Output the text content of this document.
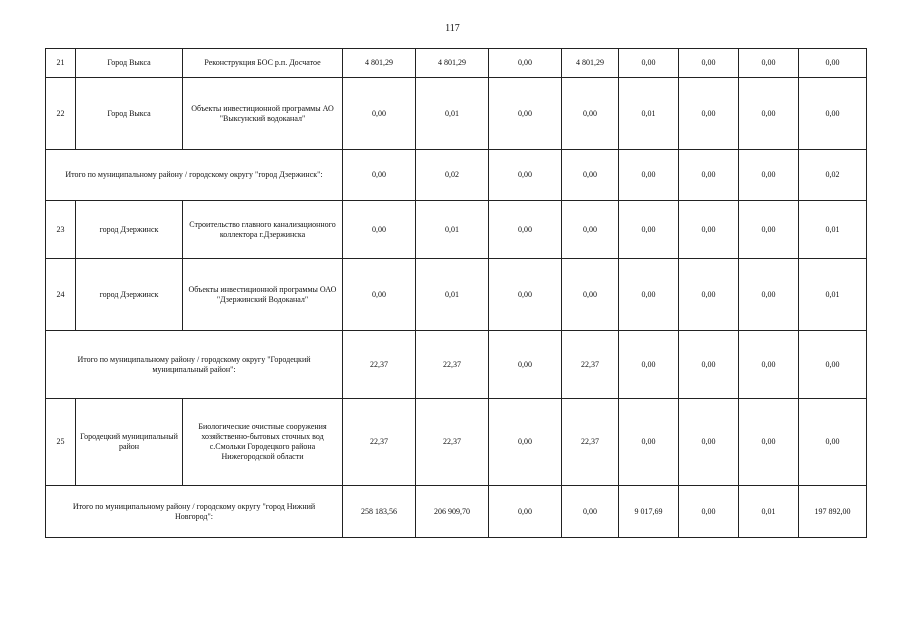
117
21	Город Выкса	Реконструкция БОС р.п. Досчатое	4 801,29	4 801,29	0,00	4 801,29	0,00	0,00	0,00	0,00
22	Город Выкса	Объекты инвестиционной программы АО "Выксунский водоканал"	0,00	0,01	0,00	0,00	0,01	0,00	0,00	0,00
Итого по муниципальному району / городскому округу "город Дзержинск":			0,00	0,02	0,00	0,00	0,00	0,00	0,00	0,02
23	город Дзержинск	Строительство главного канализационного коллектора г.Дзержинска	0,00	0,01	0,00	0,00	0,00	0,00	0,00	0,01
24	город Дзержинск	Объекты инвестиционной программы ОАО "Дзержинский Водоканал"	0,00	0,01	0,00	0,00	0,00	0,00	0,00	0,01
Итого по муниципальному району / городскому округу "Городецкий муниципальный район":			22,37	22,37	0,00	22,37	0,00	0,00	0,00	0,00
25	Городецкий муниципальный район	Биологические очистные сооружения хозяйственно-бытовых сточных вод с.Смольки Городецкого района Нижегородской области	22,37	22,37	0,00	22,37	0,00	0,00	0,00	0,00
Итого по муниципальному району / городскому округу "город Нижний Новгород":			258 183,56	206 909,70	0,00	0,00	9 017,69	0,00	0,01	197 892,00
